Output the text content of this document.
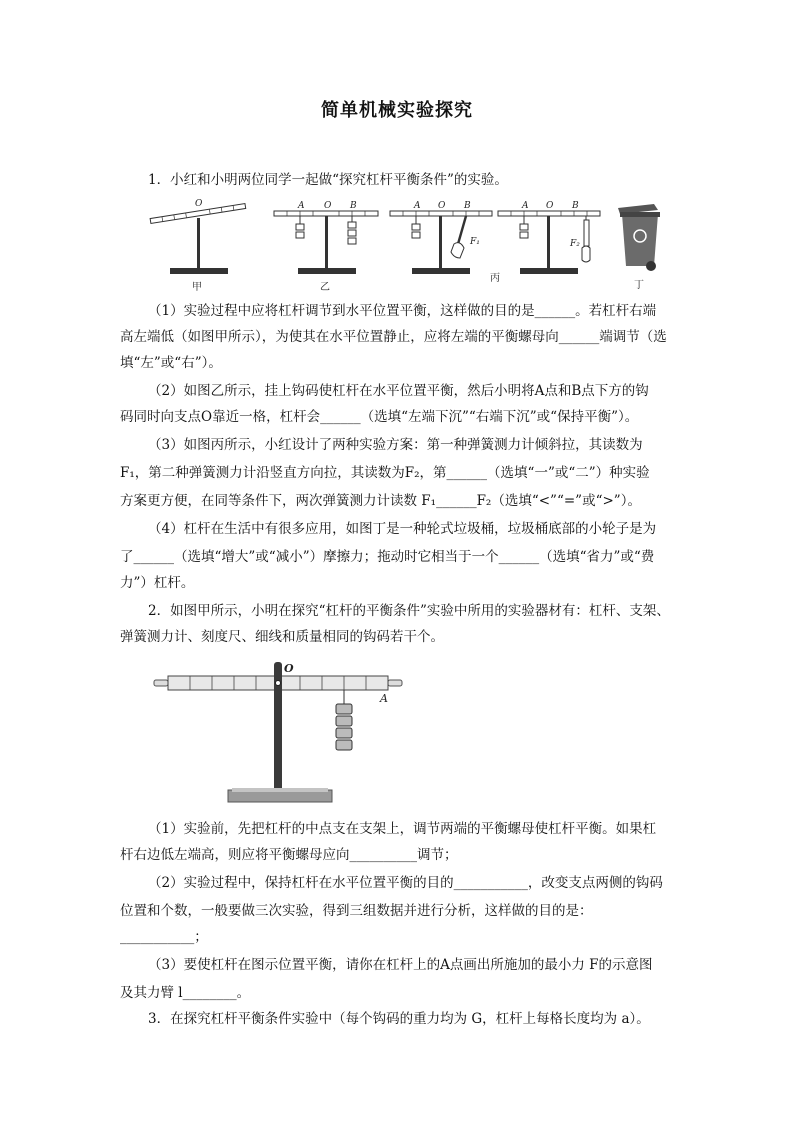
简单机械实验探究
1．小红和小明两位同学一起做“探究杠杆平衡条件”的实验。
O
甲
A O B
乙
A O B
F₁
A O B
F₂
丙
丁
（1）实验过程中应将杠杆调节到水平位置平衡，这样做的目的是______。若杠杆右端
高左端低（如图甲所示），为使其在水平位置静止，应将左端的平衡螺母向______端调节（选
填“左”或“右”）。
（2）如图乙所示，挂上钩码使杠杆在水平位置平衡，然后小明将A点和B点下方的钩
码同时向支点O靠近一格，杠杆会______（选填“左端下沉”“右端下沉”或“保持平衡”）。
（3）如图丙所示，小红设计了两种实验方案：第一种弹簧测力计倾斜拉，其读数为
F₁，第二种弹簧测力计沿竖直方向拉，其读数为F₂，第______（选填“一”或“二”）种实验
方案更方便，在同等条件下，两次弹簧测力计读数 F₁______F₂（选填“<”“=”或“>”）。
（4）杠杆在生活中有很多应用，如图丁是一种轮式垃圾桶，垃圾桶底部的小轮子是为
了______（选填“增大”或“减小”）摩擦力；拖动时它相当于一个______（选填“省力”或“费
力”）杠杆。
2．如图甲所示，小明在探究“杠杆的平衡条件”实验中所用的实验器材有：杠杆、支架、
弹簧测力计、刻度尺、细线和质量相同的钩码若干个。
O
A
（1）实验前，先把杠杆的中点支在支架上，调节两端的平衡螺母使杠杆平衡。如果杠
杆右边低左端高，则应将平衡螺母应向__________调节；
（2）实验过程中，保持杠杆在水平位置平衡的目的___________，改变支点两侧的钩码
位置和个数，一般要做三次实验，得到三组数据并进行分析，这样做的目的是：
___________；
（3）要使杠杆在图示位置平衡，请你在杠杆上的A点画出所施加的最小力 F的示意图
及其力臂 l________。
3．在探究杠杆平衡条件实验中（每个钩码的重力均为 G，杠杆上每格长度均为 a）。
